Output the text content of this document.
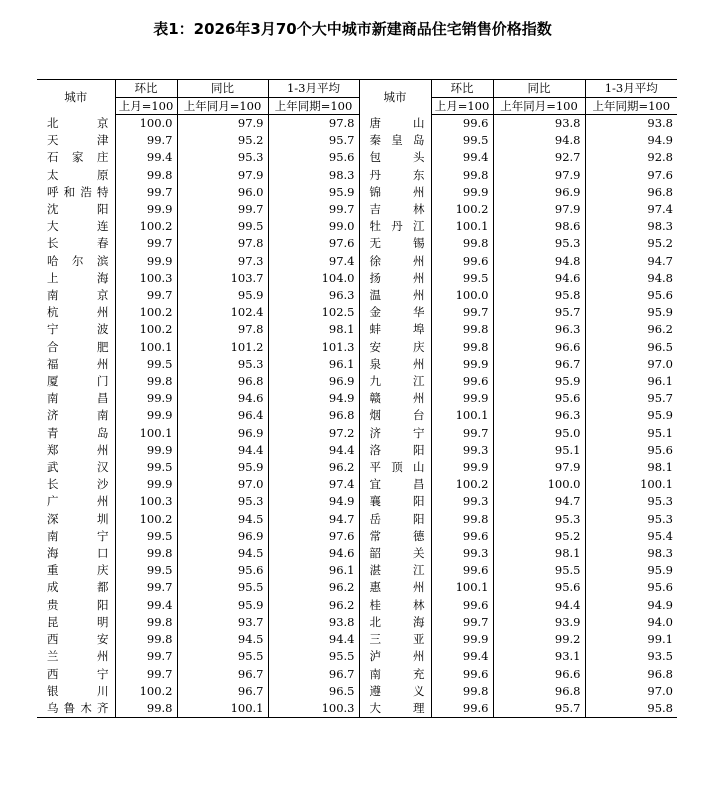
表1：2026年3月70个大中城市新建商品住宅销售价格指数
城市	环比	同比	1-3月平均	城市	环比	同比	1-3月平均
	上月=100	上年同月=100	上年同期=100		上月=100	上年同月=100	上年同期=100
北京	100.0	97.9	97.8	唐山	99.6	93.8	93.8
天津	99.7	95.2	95.7	秦皇岛	99.5	94.8	94.9
石家庄	99.4	95.3	95.6	包头	99.4	92.7	92.8
太原	99.8	97.9	98.3	丹东	99.8	97.9	97.6
呼和浩特	99.7	96.0	95.9	锦州	99.9	96.9	96.8
沈阳	99.9	99.7	99.7	吉林	100.2	97.9	97.4
大连	100.2	99.5	99.0	牡丹江	100.1	98.6	98.3
长春	99.7	97.8	97.6	无锡	99.8	95.3	95.2
哈尔滨	99.9	97.3	97.4	徐州	99.6	94.8	94.7
上海	100.3	103.7	104.0	扬州	99.5	94.6	94.8
南京	99.7	95.9	96.3	温州	100.0	95.8	95.6
杭州	100.2	102.4	102.5	金华	99.7	95.7	95.9
宁波	100.2	97.8	98.1	蚌埠	99.8	96.3	96.2
合肥	100.1	101.2	101.3	安庆	99.8	96.6	96.5
福州	99.5	95.3	96.1	泉州	99.9	96.7	97.0
厦门	99.8	96.8	96.9	九江	99.6	95.9	96.1
南昌	99.9	94.6	94.9	赣州	99.9	95.6	95.7
济南	99.9	96.4	96.8	烟台	100.1	96.3	95.9
青岛	100.1	96.9	97.2	济宁	99.7	95.0	95.1
郑州	99.9	94.4	94.4	洛阳	99.3	95.1	95.6
武汉	99.5	95.9	96.2	平顶山	99.9	97.9	98.1
长沙	99.9	97.0	97.4	宜昌	100.2	100.0	100.1
广州	100.3	95.3	94.9	襄阳	99.3	94.7	95.3
深圳	100.2	94.5	94.7	岳阳	99.8	95.3	95.3
南宁	99.5	96.9	97.6	常德	99.6	95.2	95.4
海口	99.8	94.5	94.6	韶关	99.3	98.1	98.3
重庆	99.5	95.6	96.1	湛江	99.6	95.5	95.9
成都	99.7	95.5	96.2	惠州	100.1	95.6	95.6
贵阳	99.4	95.9	96.2	桂林	99.6	94.4	94.9
昆明	99.8	93.7	93.8	北海	99.7	93.9	94.0
西安	99.8	94.5	94.4	三亚	99.9	99.2	99.1
兰州	99.7	95.5	95.5	泸州	99.4	93.1	93.5
西宁	99.7	96.7	96.7	南充	99.6	96.6	96.8
银川	100.2	96.7	96.5	遵义	99.8	96.8	97.0
乌鲁木齐	99.8	100.1	100.3	大理	99.6	95.7	95.8
